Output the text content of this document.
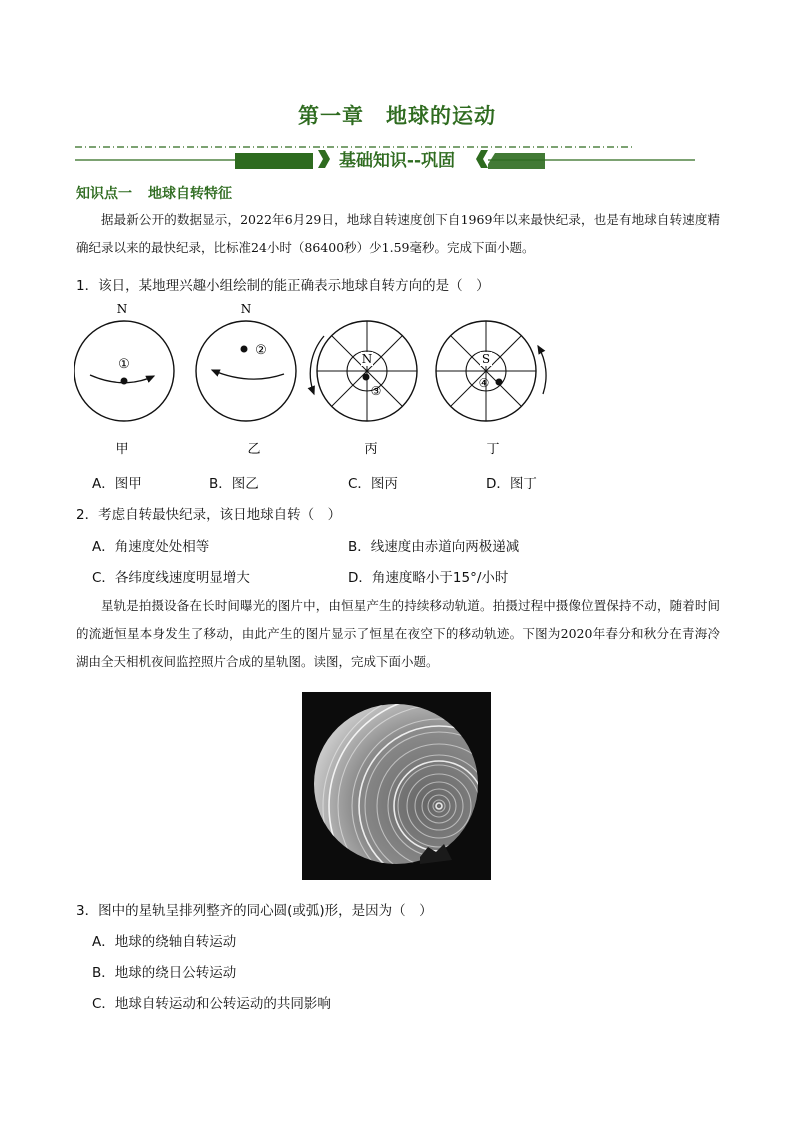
第一章　地球的运动
基础知识--巩固
知识点一 地球自转特征
据最新公开的数据显示，2022年6月29日，地球自转速度创下自1969年以来最快纪录，也是有地球自转速度精确纪录以来的最快纪录，比标准24小时（86400秒）少1.59毫秒。完成下面小题。
1．该日，某地理兴趣小组绘制的能正确表示地球自转方向的是（　）
N
①
甲
N
②
乙
N
③
丙
S
④
丁
A．图甲	B．图乙	C．图丙	D．图丁
2．考虑自转最快纪录，该日地球自转（　）
A．角速度处处相等	B．线速度由赤道向两极递减
C．各纬度线速度明显增大	D．角速度略小于15°/小时
星轨是拍摄设备在长时间曝光的图片中，由恒星产生的持续移动轨道。拍摄过程中摄像位置保持不动，随着时间的流逝恒星本身发生了移动，由此产生的图片显示了恒星在夜空下的移动轨迹。下图为2020年春分和秋分在青海冷湖由全天相机夜间监控照片合成的星轨图。读图，完成下面小题。
3．图中的星轨呈排列整齐的同心圆(或弧)形，是因为（　）
A．地球的绕轴自转运动
B．地球的绕日公转运动
C．地球自转运动和公转运动的共同影响
